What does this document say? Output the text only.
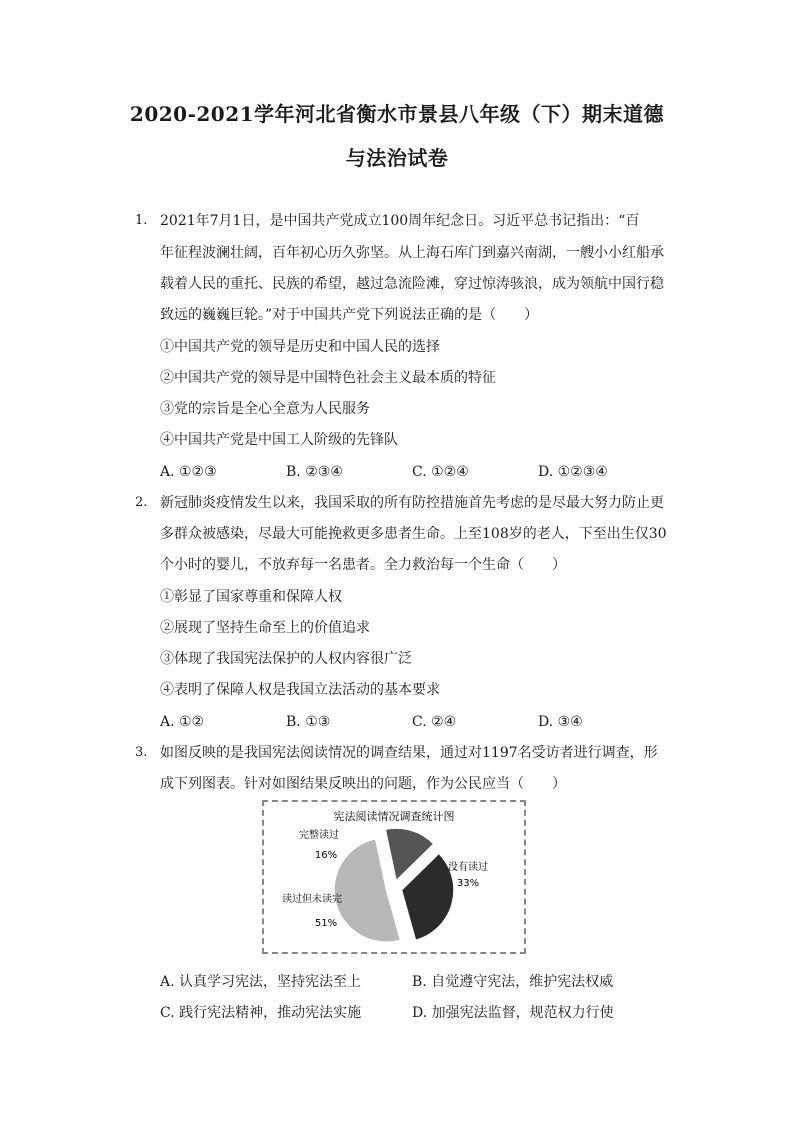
2020-2021学年河北省衡水市景县八年级（下）期末道德
与法治试卷
1. 2021年7月1日，是中国共产党成立100周年纪念日。习近平总书记指出：“百
年征程波澜壮阔，百年初心历久弥坚。从上海石库门到嘉兴南湖，一艘小小红船承
载着人民的重托、民族的希望，越过急流险滩，穿过惊涛骇浪，成为领航中国行稳
致远的巍巍巨轮。”对于中国共产党下列说法正确的是（　　）
①中国共产党的领导是历史和中国人民的选择
②中国共产党的领导是中国特色社会主义最本质的特征
③党的宗旨是全心全意为人民服务
④中国共产党是中国工人阶级的先锋队
A. ①②③	B. ②③④	C. ①②④	D. ①②③④
2. 新冠肺炎疫情发生以来，我国采取的所有防控措施首先考虑的是尽最大努力防止更
多群众被感染，尽最大可能挽救更多患者生命。上至108岁的老人，下至出生仅30
个小时的婴儿，不放弃每一名患者。全力救治每一个生命（　　）
①彰显了国家尊重和保障人权
②展现了坚持生命至上的价值追求
③体现了我国宪法保护的人权内容很广泛
④表明了保障人权是我国立法活动的基本要求
A. ①②	B. ①③	C. ②④	D. ③④
3. 如图反映的是我国宪法阅读情况的调查结果，通过对1197名受访者进行调查，形
成下列图表。针对如图结果反映出的问题，作为公民应当（　　）
宪法阅读情况调查统计图
完整读过
16%
没有读过
33%
读过但未读完
51%
A. 认真学习宪法，坚持宪法至上	B. 自觉遵守宪法，维护宪法权威
C. 践行宪法精神，推动宪法实施	D. 加强宪法监督，规范权力行使
